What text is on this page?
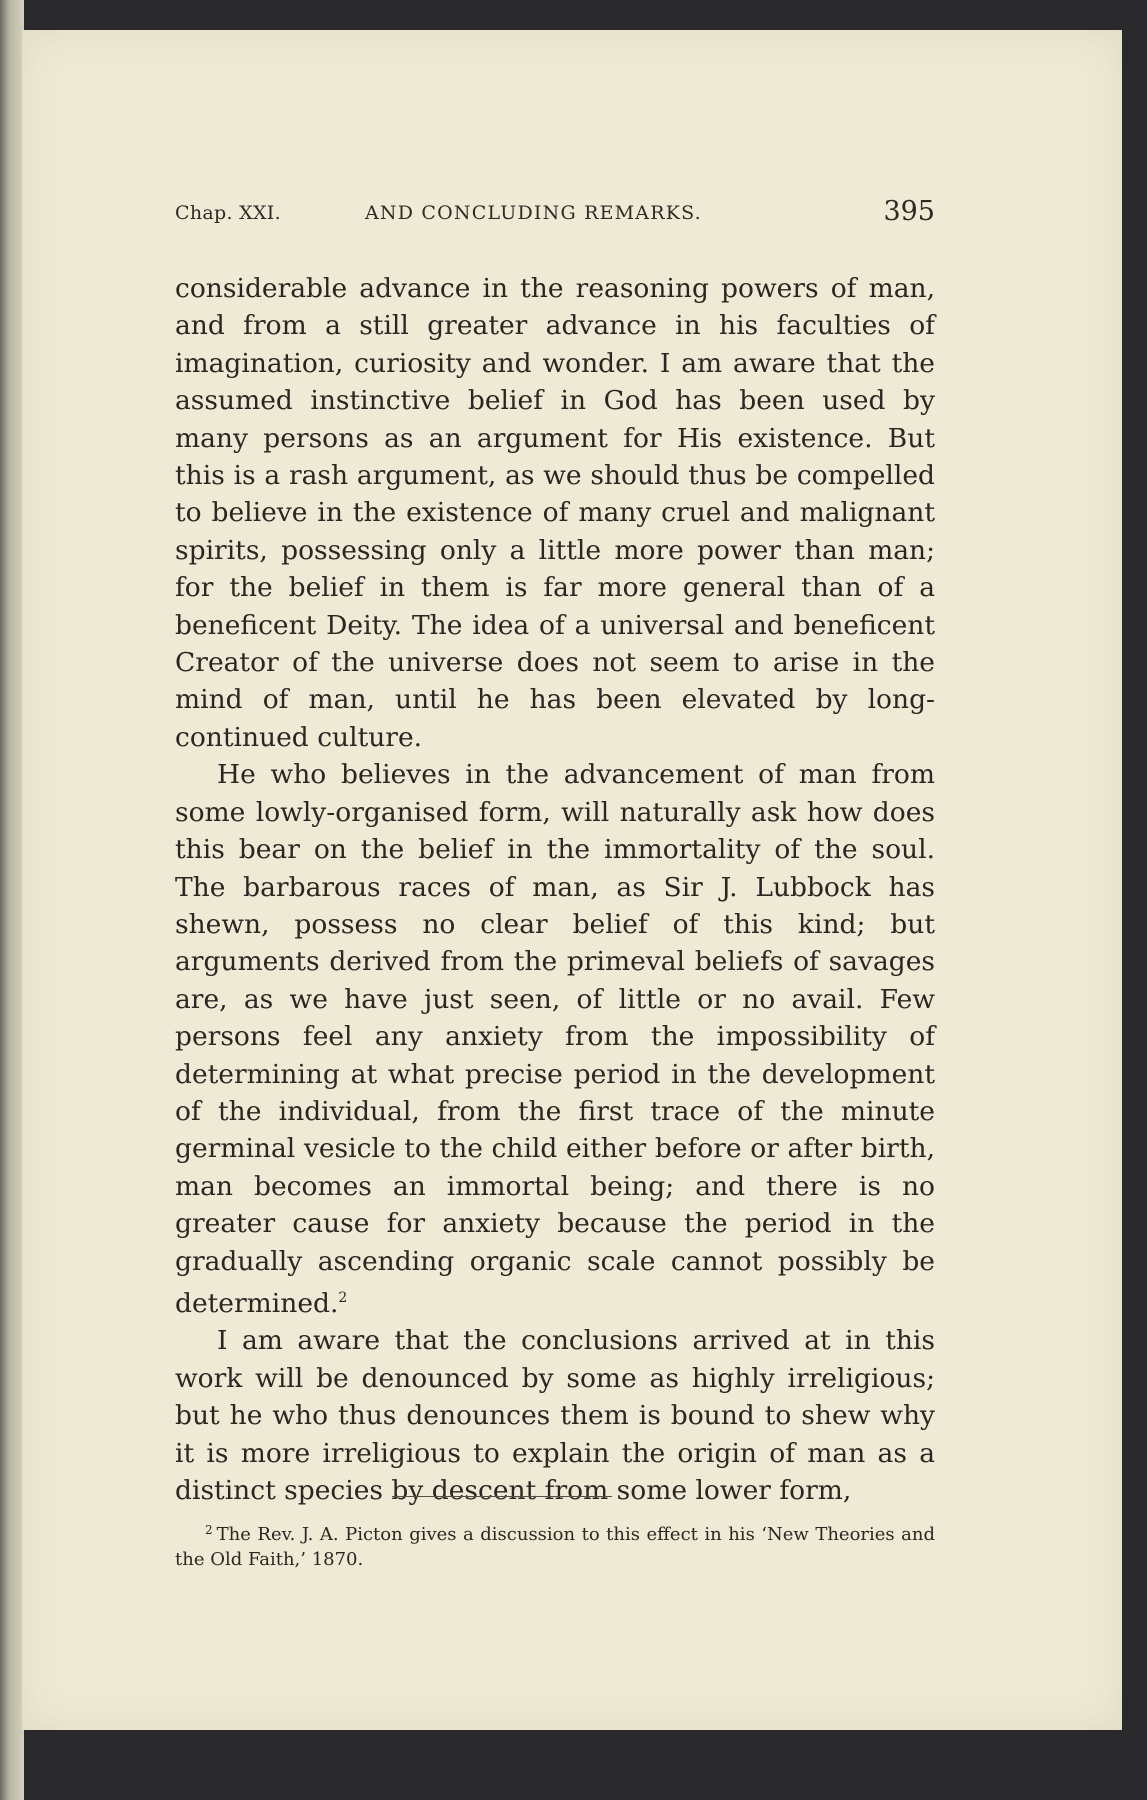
Chap. XXI.	AND CONCLUDING REMARKS.	395

considerable advance in the reasoning powers of man, and from a still greater advance in his faculties of imagination, curiosity and wonder. I am aware that the assumed instinctive belief in God has been used by many persons as an argument for His existence. But this is a rash argument, as we should thus be compelled to believe in the existence of many cruel and malignant spirits, possessing only a little more power than man; for the belief in them is far more general than of a beneficent Deity. The idea of a universal and beneficent Creator of the universe does not seem to arise in the mind of man, until he has been elevated by long-continued culture.

He who believes in the advancement of man from some lowly-organised form, will naturally ask how does this bear on the belief in the immortality of the soul. The barbarous races of man, as Sir J. Lubbock has shewn, possess no clear belief of this kind; but arguments derived from the primeval beliefs of savages are, as we have just seen, of little or no avail. Few persons feel any anxiety from the impossibility of determining at what precise period in the development of the individual, from the first trace of the minute germinal vesicle to the child either before or after birth, man becomes an immortal being; and there is no greater cause for anxiety because the period in the gradually ascending organic scale cannot possibly be determined.$^2$

I am aware that the conclusions arrived at in this work will be denounced by some as highly irreligious; but he who thus denounces them is bound to shew why it is more irreligious to explain the origin of man as a distinct species by descent from some lower form,

$^2$ The Rev. J. A. Picton gives a discussion to this effect in his ‘New Theories and the Old Faith,’ 1870.
